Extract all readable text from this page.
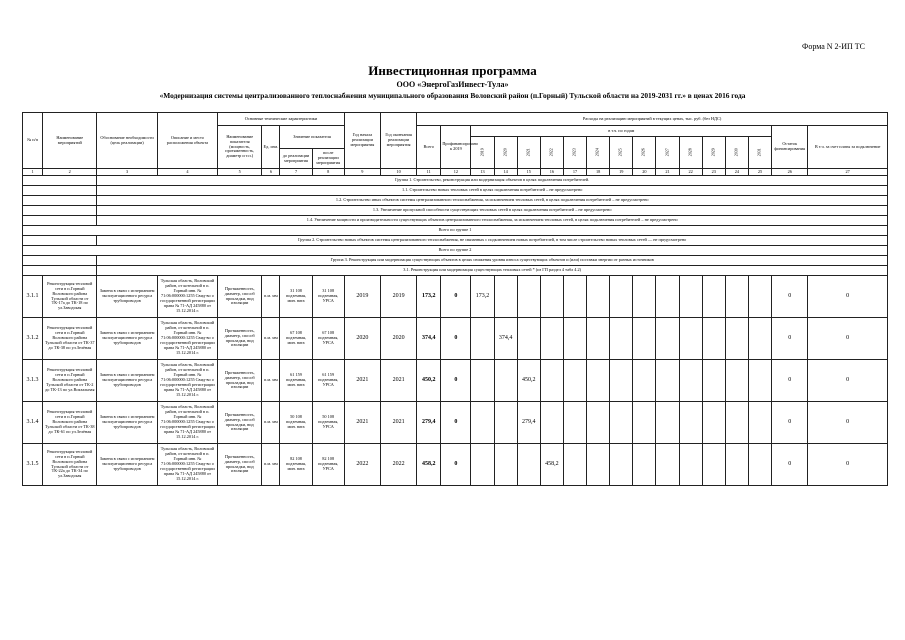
Форма N 2-ИП ТС
Инвестиционная программа
ООО «ЭнергоГазИнвест-Тула»
«Модернизация системы централизованного теплоснабжения муниципального образования Воловский район (п.Горный) Тульской области на 2019-2031 гг.» в ценах 2016 года
№ п/п	Наименование мероприятий	Обоснование необходимости (цель реализации)	Описание и место расположения объекта	Основные технические характеристики				Год начала реализации мероприятия	Год окончания реализации мероприятия	Расходы на реализацию мероприятий в текущих ценах, тыс. руб. (без НДС)																
				Наименование показателя (мощность, протяженность, диаметр и т.п.)	Ед. изм.	Значение показателя				Всего	Профинансировано к 2019	в т.ч. по годам													Остаток финансирования	В т.ч. за счет платы за подключение
												2019	2020	2021	2022	2023	2024	2025	2026	2027	2028	2029	2030	2031		
						до реализации мероприятия	после реализации мероприятия																			
1	2	3	4	5	6	7	8	9	10	11	12	13	14	15	16	17	18	19	20	21	22	23	24	25	26	27
		Группа 1. Строительство, реконструкция или модернизация объектов в целях подключения потребителей.																								
		1.1. Строительство новых тепловых сетей в целях подключения потребителей – не предусмотрено																								
		1.2. Строительство иных объектов системы централизованного теплоснабжения, за исключением тепловых сетей, в целях подключения потребителей – не предусмотрено																								
		1.3. Увеличение пропускной способности существующих тепловых сетей в целях подключения потребителей – не предусмотрено																								
		1.4. Увеличение мощности и производительности существующих объектов централизованного теплоснабжения, за исключением тепловых сетей, в целях подключения потребителей – не предусмотрено																								
Всего по группе 1																										
		Группа 2. Строительство новых объектов системы централизованного теплоснабжения, не связанных с подключением новых потребителей, в том числе строительство новых тепловых сетей — не предусмотрено																								
Всего по группе 2																										
		Группа 3. Реконструкция или модернизация существующих объектов в целях снижения уровня износа существующих объектов и (или) поставки энергии от разных источников																								
		3.1. Реконструкция или модернизация существующих тепловых сетей * (из ГП раздел 4 табл 4.2)																								
3.1.1	Реконструкция тепловой сети в п.Горный Воловского района Тульской области от ТК-17а до ТК-18 по ул.Заводская	Замена в связи с исчерпанием эксплуатационного ресурса трубопроводов	Тульская область, Воловский район, от котельной в п. Горный инв. № 71:06:000000:1255 Свид-во о государственной регистрации права № 71-АД 245880 от 15.12.2014 г.	Протяженность, диаметр, способ прокладки, вид изоляции	п.м. мм	31 108 подземная, мин. вата	31 108 подземная, УРСА	2019	2019	173,2	0	173,2													0	0
3.1.2	Реконструкция тепловой сети в п.Горный Воловского района Тульской области от ТК-37 до ТК-38 по ул.Зелёная	Замена в связи с исчерпанием эксплуатационного ресурса трубопроводов	Тульская область, Воловский район, от котельной в п. Горный инв. № 71:06:000000:1255 Свид-во о государственной регистрации права № 71-АД 245880 от 15.12.2014 г.	Протяженность, диаметр, способ прокладки, вид изоляции	п.м. мм	67 108 подземная, мин. вата	67 108 подземная, УРСА	2020	2020	374,4	0		374,4												0	0
3.1.3	Реконструкция тепловой сети в п.Горный Воловского района Тульской области от ТК-2 до ТК-13 по ул.Вокзальная	Замена в связи с исчерпанием эксплуатационного ресурса трубопроводов	Тульская область, Воловский район, от котельной в п. Горный инв. № 71:06:000000:1255 Свид-во о государственной регистрации права № 71-АД 245880 от 15.12.2014 г.	Протяженность, диаметр, способ прокладки, вид изоляции	п.м. мм	61 159 подземная, мин. вата	61 159 подземная, УРСА	2021	2021	450,2	0			450,2											0	0
3.1.4	Реконструкция тепловой сети в п.Горный Воловского района Тульской области от ТК-38 до ТК-61 по ул.Зелёная	Замена в связи с исчерпанием эксплуатационного ресурса трубопроводов	Тульская область, Воловский район, от котельной в п. Горный инв. № 71:06:000000:1255 Свид-во о государственной регистрации права № 71-АД 245880 от 15.12.2014 г.	Протяженность, диаметр, способ прокладки, вид изоляции	п.м. мм	50 108 подземная, мин. вата	50 108 подземная, УРСА	2021	2021	279,4	0			279,4											0	0
3.1.5	Реконструкция тепловой сети в п.Горный Воловского района Тульской области от ТК-22а до ТК-34 по ул.Заводская	Замена в связи с исчерпанием эксплуатационного ресурса трубопроводов	Тульская область, Воловский район, от котельной в п. Горный инв. № 71:06:000000:1255 Свид-во о государственной регистрации права № 71-АД 245880 от 15.12.2014 г.	Протяженность, диаметр, способ прокладки, вид изоляции	п.м. мм	82 108 подземная, мин. вата	82 108 подземная, УРСА	2022	2022	458,2	0				458,2										0	0
